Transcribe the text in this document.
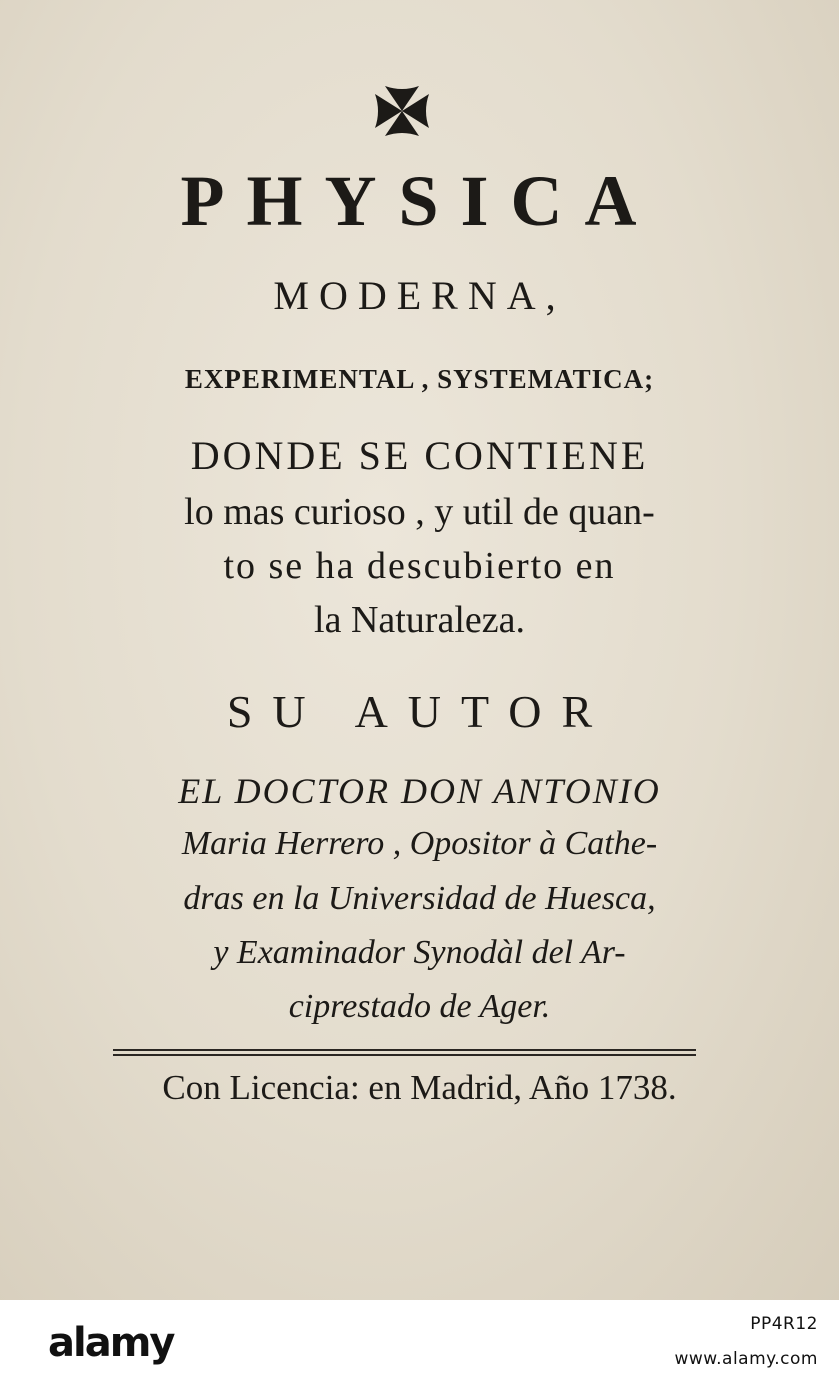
PHYSICA
MODERNA,
EXPERIMENTAL , SYSTEMATICA;
DONDE SE CONTIENE
lo mas curioso , y util de quan-
to se ha descubierto en
la Naturaleza.
SU AUTOR
EL DOCTOR DON ANTONIO
Maria Herrero , Opositor à Cathe-
dras en la Universidad de Huesca,
y Examinador Synodàl del Ar-
ciprestado de Ager.
Con Licencia: en Madrid, Año 1738.
alamy	PP4R12
www.alamy.com
